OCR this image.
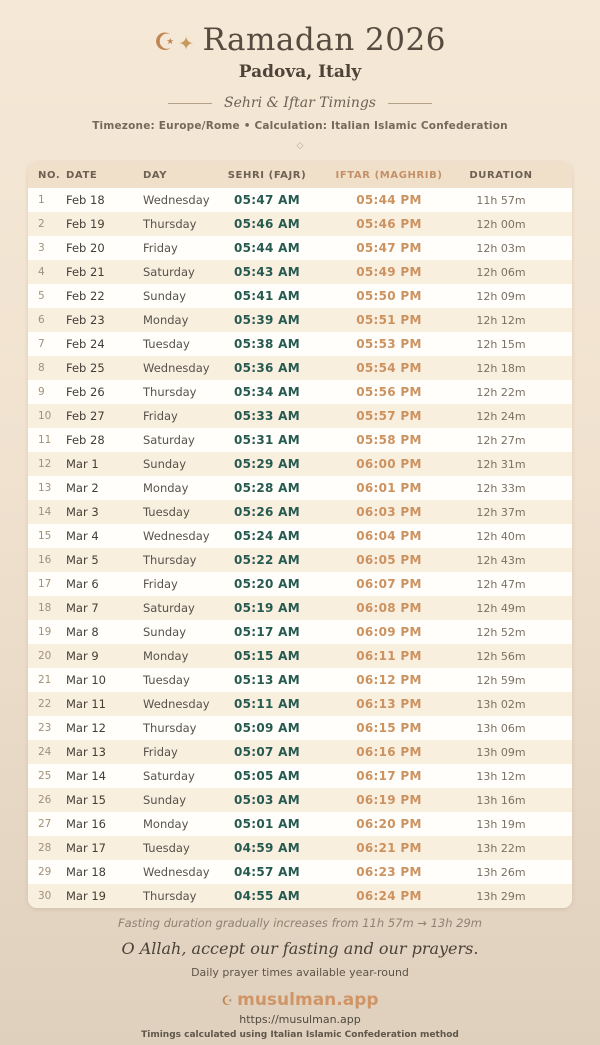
☪ ✦ Ramadan 2026
Padova, Italy
Sehri & Iftar Timings
Timezone: Europe/Rome • Calculation: Italian Islamic Confederation
◇
NO.	DATE	DAY	SEHRI (FAJR)	IFTAR (MAGHRIB)	DURATION
1	Feb 18	Wednesday	05:47 AM	05:44 PM	11h 57m
2	Feb 19	Thursday	05:46 AM	05:46 PM	12h 00m
3	Feb 20	Friday	05:44 AM	05:47 PM	12h 03m
4	Feb 21	Saturday	05:43 AM	05:49 PM	12h 06m
5	Feb 22	Sunday	05:41 AM	05:50 PM	12h 09m
6	Feb 23	Monday	05:39 AM	05:51 PM	12h 12m
7	Feb 24	Tuesday	05:38 AM	05:53 PM	12h 15m
8	Feb 25	Wednesday	05:36 AM	05:54 PM	12h 18m
9	Feb 26	Thursday	05:34 AM	05:56 PM	12h 22m
10	Feb 27	Friday	05:33 AM	05:57 PM	12h 24m
11	Feb 28	Saturday	05:31 AM	05:58 PM	12h 27m
12	Mar 1	Sunday	05:29 AM	06:00 PM	12h 31m
13	Mar 2	Monday	05:28 AM	06:01 PM	12h 33m
14	Mar 3	Tuesday	05:26 AM	06:03 PM	12h 37m
15	Mar 4	Wednesday	05:24 AM	06:04 PM	12h 40m
16	Mar 5	Thursday	05:22 AM	06:05 PM	12h 43m
17	Mar 6	Friday	05:20 AM	06:07 PM	12h 47m
18	Mar 7	Saturday	05:19 AM	06:08 PM	12h 49m
19	Mar 8	Sunday	05:17 AM	06:09 PM	12h 52m
20	Mar 9	Monday	05:15 AM	06:11 PM	12h 56m
21	Mar 10	Tuesday	05:13 AM	06:12 PM	12h 59m
22	Mar 11	Wednesday	05:11 AM	06:13 PM	13h 02m
23	Mar 12	Thursday	05:09 AM	06:15 PM	13h 06m
24	Mar 13	Friday	05:07 AM	06:16 PM	13h 09m
25	Mar 14	Saturday	05:05 AM	06:17 PM	13h 12m
26	Mar 15	Sunday	05:03 AM	06:19 PM	13h 16m
27	Mar 16	Monday	05:01 AM	06:20 PM	13h 19m
28	Mar 17	Tuesday	04:59 AM	06:21 PM	13h 22m
29	Mar 18	Wednesday	04:57 AM	06:23 PM	13h 26m
30	Mar 19	Thursday	04:55 AM	06:24 PM	13h 29m
Fasting duration gradually increases from 11h 57m → 13h 29m
O Allah, accept our fasting and our prayers.
Daily prayer times available year-round
☪ musulman.app
https://musulman.app
Timings calculated using Italian Islamic Confederation method
